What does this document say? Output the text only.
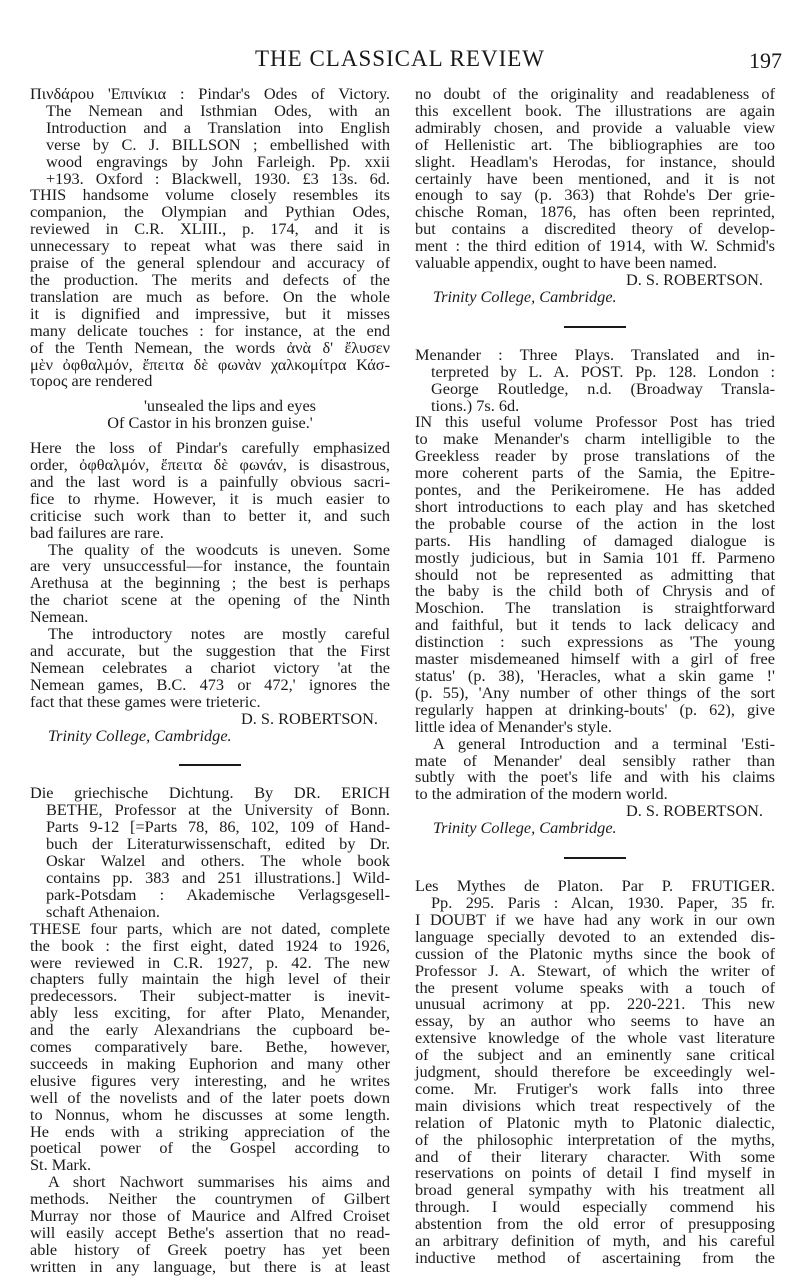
THE CLASSICAL REVIEW	197
Πινδάρου 'Επινίκια : Pindar's Odes of Victory.
The Nemean and Isthmian Odes, with an
Introduction and a Translation into English
verse by C. J. BILLSON ; embellished with
wood engravings by John Farleigh. Pp. xxii
+193. Oxford : Blackwell, 1930. £3 13s. 6d.
THIS handsome volume closely resembles its
companion, the Olympian and Pythian Odes,
reviewed in C.R. XLIII., p. 174, and it is
unnecessary to repeat what was there said in
praise of the general splendour and accuracy of
the production. The merits and defects of the
translation are much as before. On the whole
it is dignified and impressive, but it misses
many delicate touches : for instance, at the end
of the Tenth Nemean, the words ἀνὰ δ' ἔλυσεν
μὲν ὀφθαλμόν, ἔπειτα δὲ φωνὰν χαλκομίτρα Κάσ-
τορος are rendered
'unsealed the lips and eyes
Of Castor in his bronzen guise.'
Here the loss of Pindar's carefully emphasized
order, ὀφθαλμόν, ἔπειτα δὲ φωνάν, is disastrous,
and the last word is a painfully obvious sacri-
fice to rhyme. However, it is much easier to
criticise such work than to better it, and such
bad failures are rare.
The quality of the woodcuts is uneven. Some
are very unsuccessful—for instance, the fountain
Arethusa at the beginning ; the best is perhaps
the chariot scene at the opening of the Ninth
Nemean.
The introductory notes are mostly careful
and accurate, but the suggestion that the First
Nemean celebrates a chariot victory 'at the
Nemean games, B.C. 473 or 472,' ignores the
fact that these games were trieteric.
D. S. ROBERTSON.
Trinity College, Cambridge.
Die griechische Dichtung. By DR. ERICH
BETHE, Professor at the University of Bonn.
Parts 9-12 [=Parts 78, 86, 102, 109 of Hand-
buch der Literaturwissenschaft, edited by Dr.
Oskar Walzel and others. The whole book
contains pp. 383 and 251 illustrations.] Wild-
park-Potsdam : Akademische Verlagsgesell-
schaft Athenaion.
THESE four parts, which are not dated, complete
the book : the first eight, dated 1924 to 1926,
were reviewed in C.R. 1927, p. 42. The new
chapters fully maintain the high level of their
predecessors. Their subject-matter is inevit-
ably less exciting, for after Plato, Menander,
and the early Alexandrians the cupboard be-
comes comparatively bare. Bethe, however,
succeeds in making Euphorion and many other
elusive figures very interesting, and he writes
well of the novelists and of the later poets down
to Nonnus, whom he discusses at some length.
He ends with a striking appreciation of the
poetical power of the Gospel according to
St. Mark.
A short Nachwort summarises his aims and
methods. Neither the countrymen of Gilbert
Murray nor those of Maurice and Alfred Croiset
will easily accept Bethe's assertion that no read-
able history of Greek poetry has yet been
written in any language, but there is at least
no doubt of the originality and readableness of
this excellent book. The illustrations are again
admirably chosen, and provide a valuable view
of Hellenistic art. The bibliographies are too
slight. Headlam's Herodas, for instance, should
certainly have been mentioned, and it is not
enough to say (p. 363) that Rohde's Der grie-
chische Roman, 1876, has often been reprinted,
but contains a discredited theory of develop-
ment : the third edition of 1914, with W. Schmid's
valuable appendix, ought to have been named.
D. S. ROBERTSON.
Trinity College, Cambridge.
Menander : Three Plays. Translated and in-
terpreted by L. A. POST. Pp. 128. London :
George Routledge, n.d. (Broadway Transla-
tions.) 7s. 6d.
IN this useful volume Professor Post has tried
to make Menander's charm intelligible to the
Greekless reader by prose translations of the
more coherent parts of the Samia, the Epitre-
pontes, and the Perikeiromene. He has added
short introductions to each play and has sketched
the probable course of the action in the lost
parts. His handling of damaged dialogue is
mostly judicious, but in Samia 101 ff. Parmeno
should not be represented as admitting that
the baby is the child both of Chrysis and of
Moschion. The translation is straightforward
and faithful, but it tends to lack delicacy and
distinction : such expressions as 'The young
master misdemeaned himself with a girl of free
status' (p. 38), 'Heracles, what a skin game !'
(p. 55), 'Any number of other things of the sort
regularly happen at drinking-bouts' (p. 62), give
little idea of Menander's style.
A general Introduction and a terminal 'Esti-
mate of Menander' deal sensibly rather than
subtly with the poet's life and with his claims
to the admiration of the modern world.
D. S. ROBERTSON.
Trinity College, Cambridge.
Les Mythes de Platon. Par P. FRUTIGER.
Pp. 295. Paris : Alcan, 1930. Paper, 35 fr.
I DOUBT if we have had any work in our own
language specially devoted to an extended dis-
cussion of the Platonic myths since the book of
Professor J. A. Stewart, of which the writer of
the present volume speaks with a touch of
unusual acrimony at pp. 220-221. This new
essay, by an author who seems to have an
extensive knowledge of the whole vast literature
of the subject and an eminently sane critical
judgment, should therefore be exceedingly wel-
come. Mr. Frutiger's work falls into three
main divisions which treat respectively of the
relation of Platonic myth to Platonic dialectic,
of the philosophic interpretation of the myths,
and of their literary character. With some
reservations on points of detail I find myself in
broad general sympathy with his treatment all
through. I would especially commend his
abstention from the old error of presupposing
an arbitrary definition of myth, and his careful
inductive method of ascertaining from the
